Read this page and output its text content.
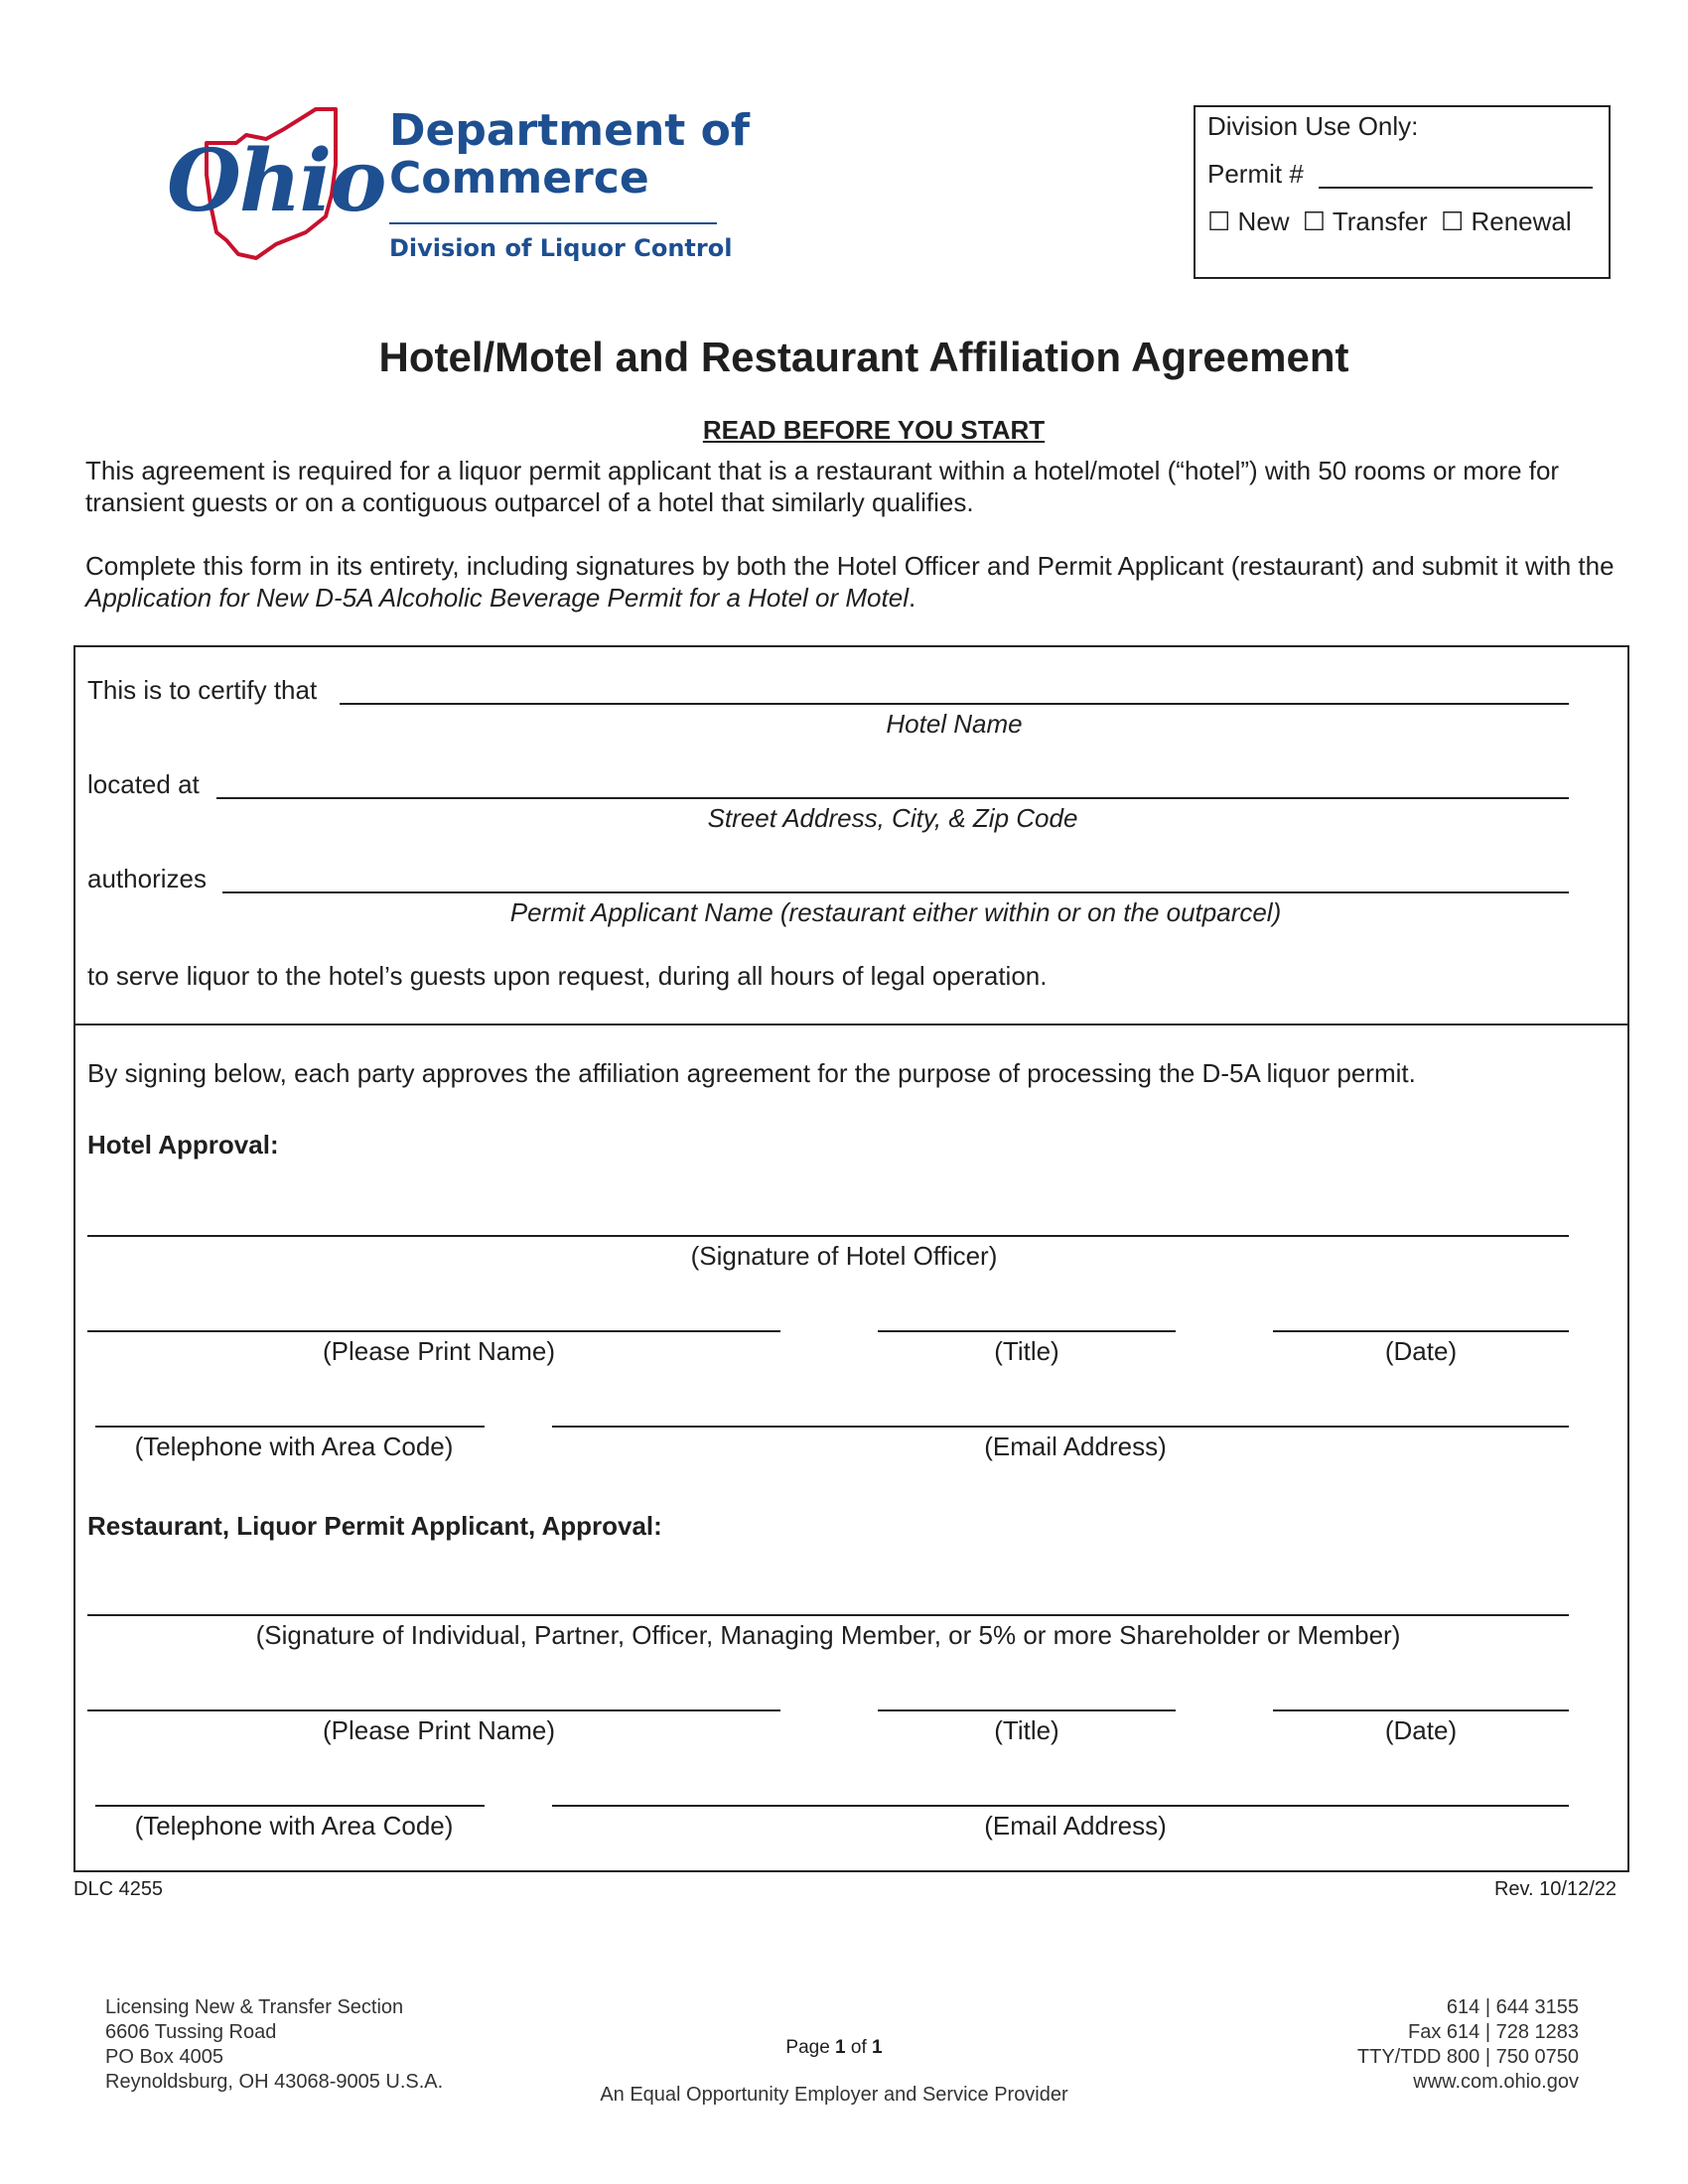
Ohio
Department of
Commerce
Division of Liquor Control
Division Use Only:
Permit #
☐ New ☐ Transfer ☐ Renewal
Hotel/Motel and Restaurant Affiliation Agreement
READ BEFORE YOU START
This agreement is required for a liquor permit applicant that is a restaurant within a hotel/motel (“hotel”) with 50 rooms or more for transient guests or on a contiguous outparcel of a hotel that similarly qualifies.
Complete this form in its entirety, including signatures by both the Hotel Officer and Permit Applicant (restaurant) and submit it with the Application for New D-5A Alcoholic Beverage Permit for a Hotel or Motel.
This is to certify that
Hotel Name
located at
Street Address, City, & Zip Code
authorizes
Permit Applicant Name (restaurant either within or on the outparcel)
to serve liquor to the hotel’s guests upon request, during all hours of legal operation.
By signing below, each party approves the affiliation agreement for the purpose of processing the D-5A liquor permit.
Hotel Approval:
(Signature of Hotel Officer)
(Please Print Name)	(Title)	(Date)
(Telephone with Area Code)	(Email Address)
Restaurant, Liquor Permit Applicant, Approval:
(Signature of Individual, Partner, Officer, Managing Member, or 5% or more Shareholder or Member)
(Please Print Name)	(Title)	(Date)
(Telephone with Area Code)	(Email Address)
DLC 4255	Rev. 10/12/22
Licensing New & Transfer Section
6606 Tussing Road
PO Box 4005
Reynoldsburg, OH 43068-9005 U.S.A.
Page 1 of 1
An Equal Opportunity Employer and Service Provider
614 | 644 3155
Fax 614 | 728 1283
TTY/TDD 800 | 750 0750
www.com.ohio.gov
